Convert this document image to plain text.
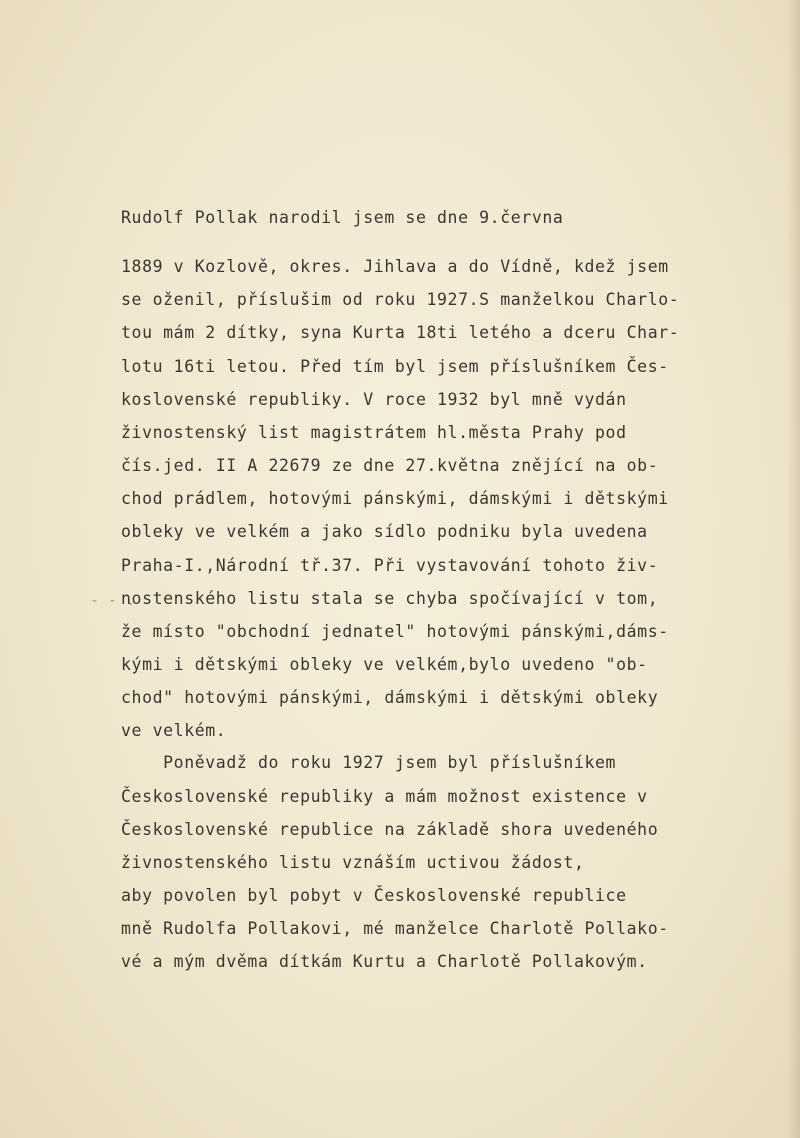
Rudolf Pollak narodil jsem se dne 9.června

1889 v Kozlově, okres. Jihlava a do Vídně, kdež jsem

se oženil, příslušim od roku 1927.S manželkou Charlo-

tou mám 2 dítky, syna Kurta 18ti letého a dceru Char-

lotu 16ti letou. Před tím byl jsem příslušníkem Čes-

koslovenské republiky. V roce 1932 byl mně vydán

živnostenský list magistrátem hl.města Prahy pod

čís.jed. II A 22679 ze dne 27.května znějící na ob-

chod prádlem, hotovými pánskými, dámskými i dětskými

obleky ve velkém a jako sídlo podniku byla uvedena

Praha-I.,Národní tř.37. Při vystavování tohoto živ-

nostenského listu stala se chyba spočívající v tom,

že místo "obchodní jednatel" hotovými pánskými,dáms-

kými i dětskými obleky ve velkém,bylo uvedeno "ob-

chod" hotovými pánskými, dámskými i dětskými obleky

ve velkém.

Poněvadž do roku 1927 jsem byl příslušníkem

Československé republiky a mám možnost existence v

Československé republice na základě shora uvedeného

živnostenského listu vznáším uctivou žádost,

aby povolen byl pobyt v Československé republice

mně Rudolfa Pollakovi, mé manželce Charlotě Pollako-

vé a mým dvěma dítkám Kurtu a Charlotě Pollakovým.

- - .
